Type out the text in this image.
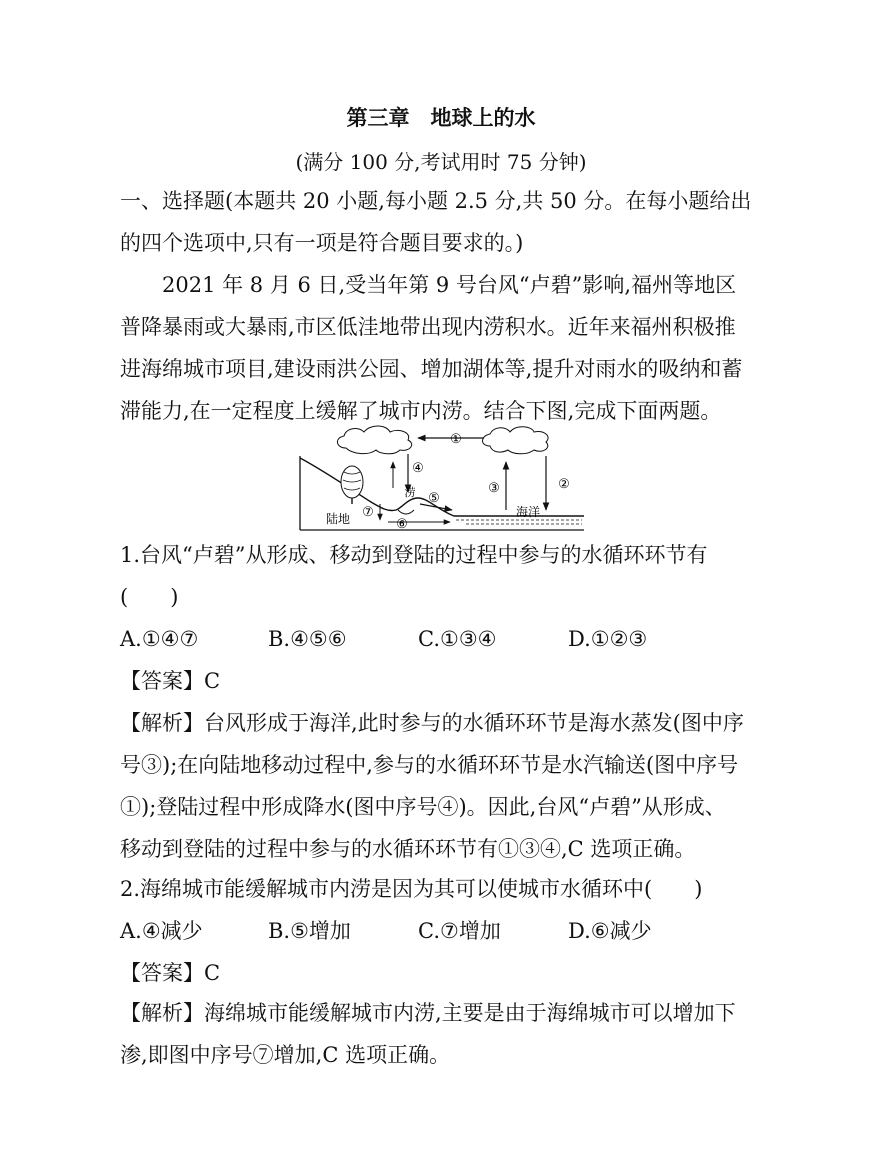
第三章　地球上的水
(满分 100 分,考试用时 75 分钟)
一、选择题(本题共 20 小题,每小题 2.5 分,共 50 分。在每小题给出
的四个选项中,只有一项是符合题目要求的。)
2021 年 8 月 6 日,受当年第 9 号台风“卢碧”影响,福州等地区
普降暴雨或大暴雨,市区低洼地带出现内涝积水。近年来福州积极推
进海绵城市项目,建设雨洪公园、增加湖体等,提升对雨水的吸纳和蓄
滞能力,在一定程度上缓解了城市内涝。结合下图,完成下面两题。
①
②
③
④
⑤
⑥
⑦
陆地	海洋
涝
1.台风“卢碧”从形成、移动到登陆的过程中参与的水循环环节有
(　　)
A.①④⑦	B.④⑤⑥	C.①③④	D.①②③
【答案】C
【解析】台风形成于海洋,此时参与的水循环环节是海水蒸发(图中序
号③);在向陆地移动过程中,参与的水循环环节是水汽输送(图中序号
①);登陆过程中形成降水(图中序号④)。因此,台风“卢碧”从形成、
移动到登陆的过程中参与的水循环环节有①③④,C 选项正确。
2.海绵城市能缓解城市内涝是因为其可以使城市水循环中(　　)
A.④减少	B.⑤增加	C.⑦增加	D.⑥减少
【答案】C
【解析】海绵城市能缓解城市内涝,主要是由于海绵城市可以增加下
渗,即图中序号⑦增加,C 选项正确。
